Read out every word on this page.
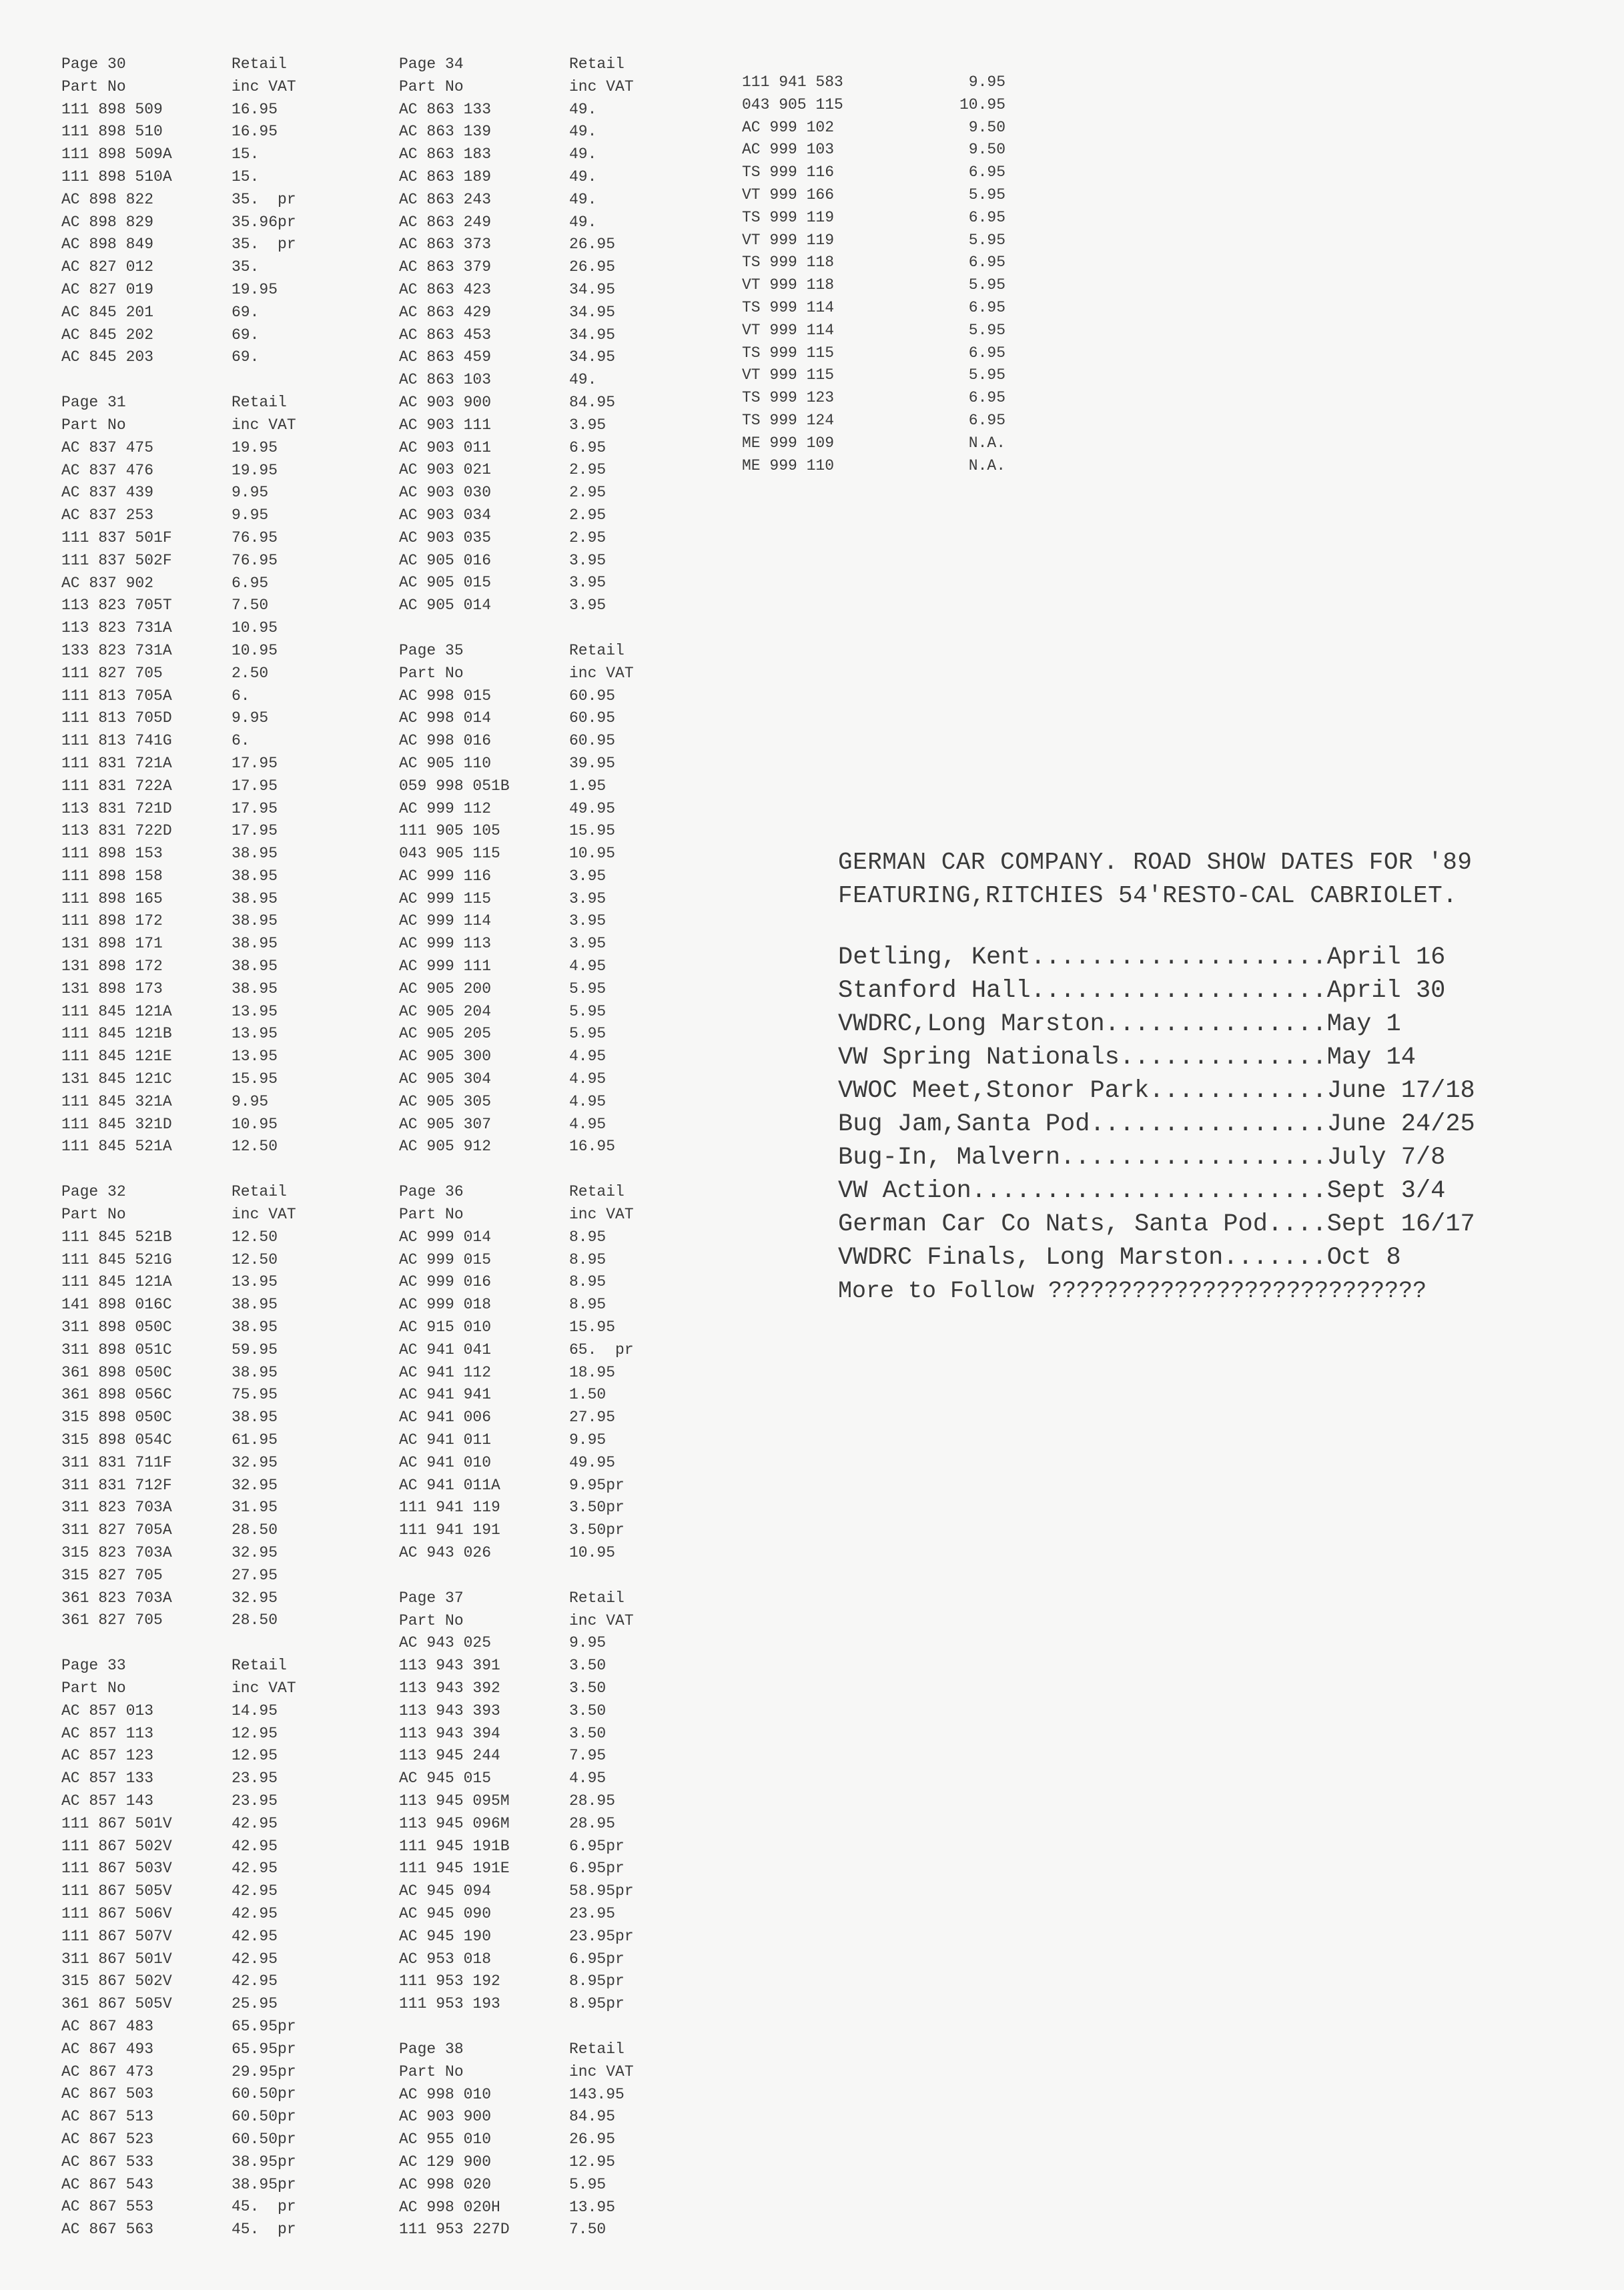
Page 30	Retail
Part No	inc VAT
111 898 509	16.95
111 898 510	16.95
111 898 509A	15.
111 898 510A	15.
AC 898 822	35.  pr
AC 898 829	35.96pr
AC 898 849	35.  pr
AC 827 012	35.
AC 827 019	19.95
AC 845 201	69.
AC 845 202	69.
AC 845 203	69.
Page 31	Retail
Part No	inc VAT
AC 837 475	19.95
AC 837 476	19.95
AC 837 439	9.95
AC 837 253	9.95
111 837 501F	76.95
111 837 502F	76.95
AC 837 902	6.95
113 823 705T	7.50
113 823 731A	10.95
133 823 731A	10.95
111 827 705	2.50
111 813 705A	6.
111 813 705D	9.95
111 813 741G	6.
111 831 721A	17.95
111 831 722A	17.95
113 831 721D	17.95
113 831 722D	17.95
111 898 153	38.95
111 898 158	38.95
111 898 165	38.95
111 898 172	38.95
131 898 171	38.95
131 898 172	38.95
131 898 173	38.95
111 845 121A	13.95
111 845 121B	13.95
111 845 121E	13.95
131 845 121C	15.95
111 845 321A	9.95
111 845 321D	10.95
111 845 521A	12.50
Page 32	Retail
Part No	inc VAT
111 845 521B	12.50
111 845 521G	12.50
111 845 121A	13.95
141 898 016C	38.95
311 898 050C	38.95
311 898 051C	59.95
361 898 050C	38.95
361 898 056C	75.95
315 898 050C	38.95
315 898 054C	61.95
311 831 711F	32.95
311 831 712F	32.95
311 823 703A	31.95
311 827 705A	28.50
315 823 703A	32.95
315 827 705	27.95
361 823 703A	32.95
361 827 705	28.50
Page 33	Retail
Part No	inc VAT
AC 857 013	14.95
AC 857 113	12.95
AC 857 123	12.95
AC 857 133	23.95
AC 857 143	23.95
111 867 501V	42.95
111 867 502V	42.95
111 867 503V	42.95
111 867 505V	42.95
111 867 506V	42.95
111 867 507V	42.95
311 867 501V	42.95
315 867 502V	42.95
361 867 505V	25.95
AC 867 483	65.95pr
AC 867 493	65.95pr
AC 867 473	29.95pr
AC 867 503	60.50pr
AC 867 513	60.50pr
AC 867 523	60.50pr
AC 867 533	38.95pr
AC 867 543	38.95pr
AC 867 553	45.  pr
AC 867 563	45.  pr
Page 34	Retail
Part No	inc VAT
AC 863 133	49.
AC 863 139	49.
AC 863 183	49.
AC 863 189	49.
AC 863 243	49.
AC 863 249	49.
AC 863 373	26.95
AC 863 379	26.95
AC 863 423	34.95
AC 863 429	34.95
AC 863 453	34.95
AC 863 459	34.95
AC 863 103	49.
AC 903 900	84.95
AC 903 111	3.95
AC 903 011	6.95
AC 903 021	2.95
AC 903 030	2.95
AC 903 034	2.95
AC 903 035	2.95
AC 905 016	3.95
AC 905 015	3.95
AC 905 014	3.95
Page 35	Retail
Part No	inc VAT
AC 998 015	60.95
AC 998 014	60.95
AC 998 016	60.95
AC 905 110	39.95
059 998 051B	1.95
AC 999 112	49.95
111 905 105	15.95
043 905 115	10.95
AC 999 116	3.95
AC 999 115	3.95
AC 999 114	3.95
AC 999 113	3.95
AC 999 111	4.95
AC 905 200	5.95
AC 905 204	5.95
AC 905 205	5.95
AC 905 300	4.95
AC 905 304	4.95
AC 905 305	4.95
AC 905 307	4.95
AC 905 912	16.95
Page 36	Retail
Part No	inc VAT
AC 999 014	8.95
AC 999 015	8.95
AC 999 016	8.95
AC 999 018	8.95
AC 915 010	15.95
AC 941 041	65.  pr
AC 941 112	18.95
AC 941 941	1.50
AC 941 006	27.95
AC 941 011	9.95
AC 941 010	49.95
AC 941 011A	9.95pr
111 941 119	3.50pr
111 941 191	3.50pr
AC 943 026	10.95
Page 37	Retail
Part No	inc VAT
AC 943 025	9.95
113 943 391	3.50
113 943 392	3.50
113 943 393	3.50
113 943 394	3.50
113 945 244	7.95
AC 945 015	4.95
113 945 095M	28.95
113 945 096M	28.95
111 945 191B	6.95pr
111 945 191E	6.95pr
AC 945 094	58.95pr
AC 945 090	23.95
AC 945 190	23.95pr
AC 953 018	6.95pr
111 953 192	8.95pr
111 953 193	8.95pr
Page 38	Retail
Part No	inc VAT
AC 998 010	143.95
AC 903 900	84.95
AC 955 010	26.95
AC 129 900	12.95
AC 998 020	5.95
AC 998 020H	13.95
111 953 227D	7.50
111 941 583	9.95
043 905 115	10.95
AC 999 102	9.50
AC 999 103	9.50
TS 999 116	6.95
VT 999 166	5.95
TS 999 119	6.95
VT 999 119	5.95
TS 999 118	6.95
VT 999 118	5.95
TS 999 114	6.95
VT 999 114	5.95
TS 999 115	6.95
VT 999 115	5.95
TS 999 123	6.95
TS 999 124	6.95
ME 999 109	N.A.
ME 999 110	N.A.
GERMAN CAR COMPANY. ROAD SHOW DATES FOR '89
FEATURING,RITCHIES 54'RESTO-CAL CABRIOLET.
Detling, Kent....................April 16
Stanford Hall....................April 30
VWDRC,Long Marston...............May 1
VW Spring Nationals..............May 14
VWOC Meet,Stonor Park............June 17/18
Bug Jam,Santa Pod................June 24/25
Bug-In, Malvern..................July 7/8
VW Action........................Sept 3/4
German Car Co Nats, Santa Pod....Sept 16/17
VWDRC Finals, Long Marston.......Oct 8
More to Follow ???????????????????????????
